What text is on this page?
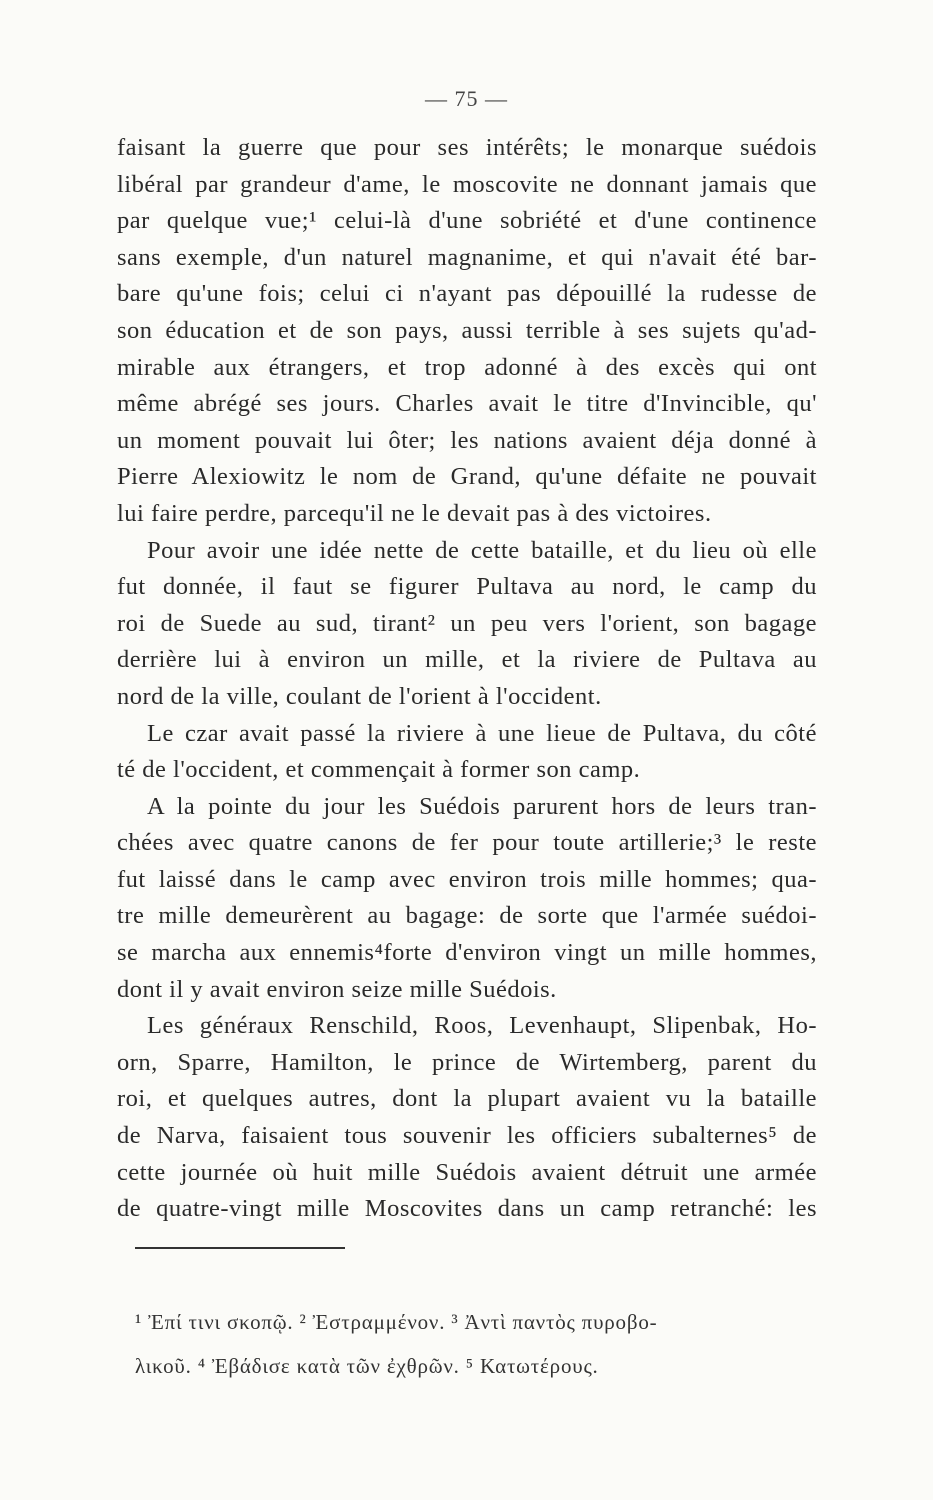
— 75 —
faisant la guerre que pour ses intérêts; le monarque suédois
libéral par grandeur d'ame, le moscovite ne donnant jamais que
par quelque vue;¹ celui-là d'une sobriété et d'une continence
sans exemple, d'un naturel magnanime, et qui n'avait été bar-
bare qu'une fois; celui ci n'ayant pas dépouillé la rudesse de
son éducation et de son pays, aussi terrible à ses sujets qu'ad-
mirable aux étrangers, et trop adonné à des excès qui ont
même abrégé ses jours. Charles avait le titre d'Invincible, qu'
un moment pouvait lui ôter; les nations avaient déja donné à
Pierre Alexiowitz le nom de Grand, qu'une défaite ne pouvait
lui faire perdre, parcequ'il ne le devait pas à des victoires.
Pour avoir une idée nette de cette bataille, et du lieu où elle
fut donnée, il faut se figurer Pultava au nord, le camp du
roi de Suede au sud, tirant² un peu vers l'orient, son bagage
derrière lui à environ un mille, et la riviere de Pultava au
nord de la ville, coulant de l'orient à l'occident.
Le czar avait passé la riviere à une lieue de Pultava, du côté
té de l'occident, et commençait à former son camp.
A la pointe du jour les Suédois parurent hors de leurs tran-
chées avec quatre canons de fer pour toute artillerie;³ le reste
fut laissé dans le camp avec environ trois mille hommes; qua-
tre mille demeurèrent au bagage: de sorte que l'armée suédoi-
se marcha aux ennemis⁴forte d'environ vingt un mille hommes,
dont il y avait environ seize mille Suédois.
Les généraux Renschild, Roos, Levenhaupt, Slipenbak, Ho-
orn, Sparre, Hamilton, le prince de Wirtemberg, parent du
roi, et quelques autres, dont la plupart avaient vu la bataille
de Narva, faisaient tous souvenir les officiers subalternes⁵ de
cette journée où huit mille Suédois avaient détruit une armée
de quatre-vingt mille Moscovites dans un camp retranché: les
¹ Ἐπί τινι σκοπῷ. ² Ἐστραμμένον. ³ Ἀντὶ παντὸς πυροβο-
λικοῦ. ⁴ Ἐβάδισε κατὰ τῶν ἐχθρῶν. ⁵ Κατωτέρους.
